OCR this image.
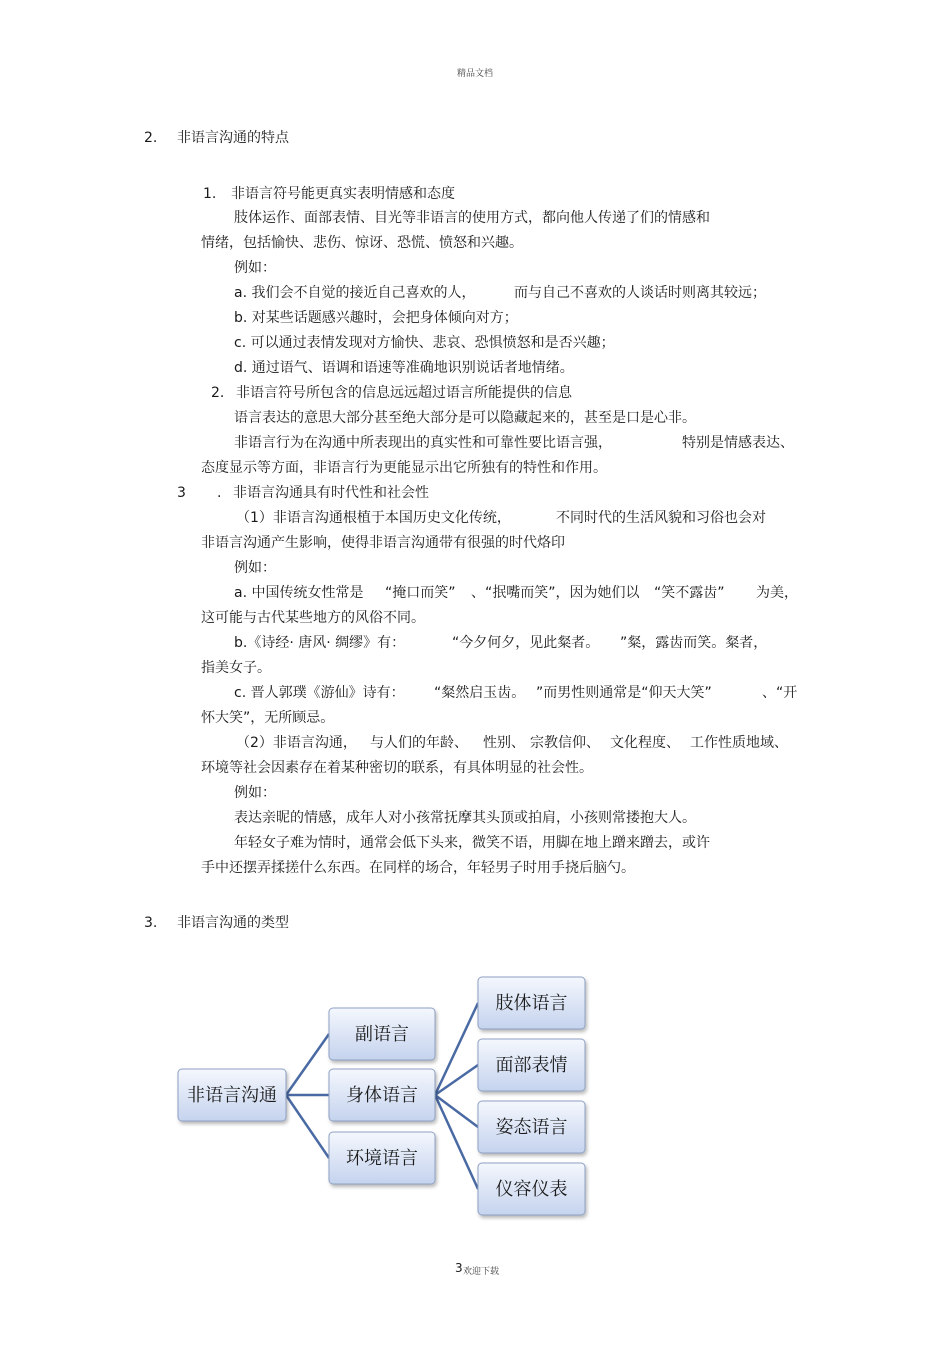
精品文档
2. 非语言沟通的特点
1. 非语言符号能更真实表明情感和态度
肢体运作、面部表情、目光等非语言的使用方式，都向他人传递了们的情感和
情绪，包括愉快、悲伤、惊讶、恐慌、愤怒和兴趣。
例如：
a. 我们会不自觉的接近自己喜欢的人，	而与自己不喜欢的人谈话时则离其较远；
b. 对某些话题感兴趣时，会把身体倾向对方；
c. 可以通过表情发现对方愉快、悲哀、恐惧愤怒和是否兴趣；
d. 通过语气、语调和语速等准确地识别说话者地情绪。
2. 非语言符号所包含的信息远远超过语言所能提供的信息
语言表达的意思大部分甚至绝大部分是可以隐藏起来的，甚至是口是心非。
非语言行为在沟通中所表现出的真实性和可靠性要比语言强，	特别是情感表达、
态度显示等方面，非语言行为更能显示出它所独有的特性和作用。
3 . 非语言沟通具有时代性和社会性
（1）非语言沟通根植于本国历史文化传统，	不同时代的生活风貌和习俗也会对
非语言沟通产生影响，使得非语言沟通带有很强的时代烙印
例如：
a. 中国传统女性常是 “掩口而笑” 、“抿嘴而笑”，因为她们以 “笑不露齿” 为美，
这可能与古代某些地方的风俗不同。
b.《诗经· 唐风· 绸缪》有：	“今夕何夕，见此粲者。 ”粲，露齿而笑。粲者，
指美女子。
c. 晋人郭璞《游仙》诗有： “粲然启玉齿。 ”而男性则通常是“仰天大笑”	、“开
怀大笑”，无所顾忌。
（2）非语言沟通， 与人们的年龄、 性别、 宗教信仰、 文化程度、 工作性质地域、
环境等社会因素存在着某种密切的联系，有具体明显的社会性。
例如：
表达亲昵的情感，成年人对小孩常抚摩其头顶或拍肩，小孩则常搂抱大人。
年轻女子难为情时，通常会低下头来，微笑不语，用脚在地上蹭来蹭去，或许
手中还摆弄揉搓什么东西。在同样的场合，年轻男子时用手挠后脑勺。
3. 非语言沟通的类型
非语言沟通
副语言
身体语言
环境语言
肢体语言
面部表情
姿态语言
仪容仪表
3 欢迎下载
